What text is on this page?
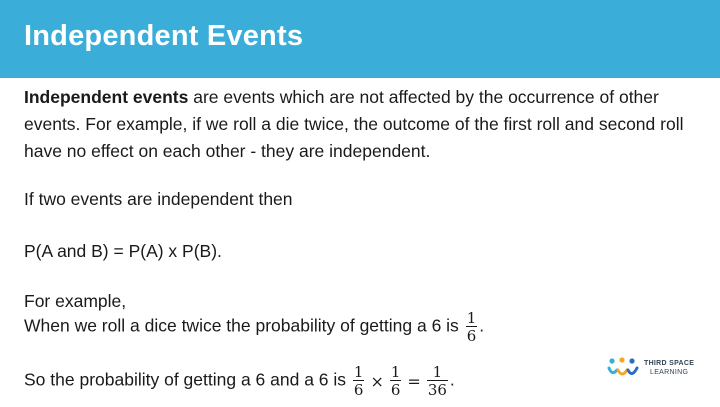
Independent Events

Independent events are events which are not affected by the occurrence of other events. For example, if we roll a die twice, the outcome of the first roll and second roll have no effect on each other - they are independent.

If two events are independent then

P(A and B) = P(A) x P(B).

For example,

When we roll a dice twice the probability of getting a 6 is $\frac{1}{6}$ .

So the probability of getting a 6 and a 6 is $\frac{1}{6} \times \frac{1}{6} = \frac{1}{36}$ .

THIRD SPACE
LEARNING
